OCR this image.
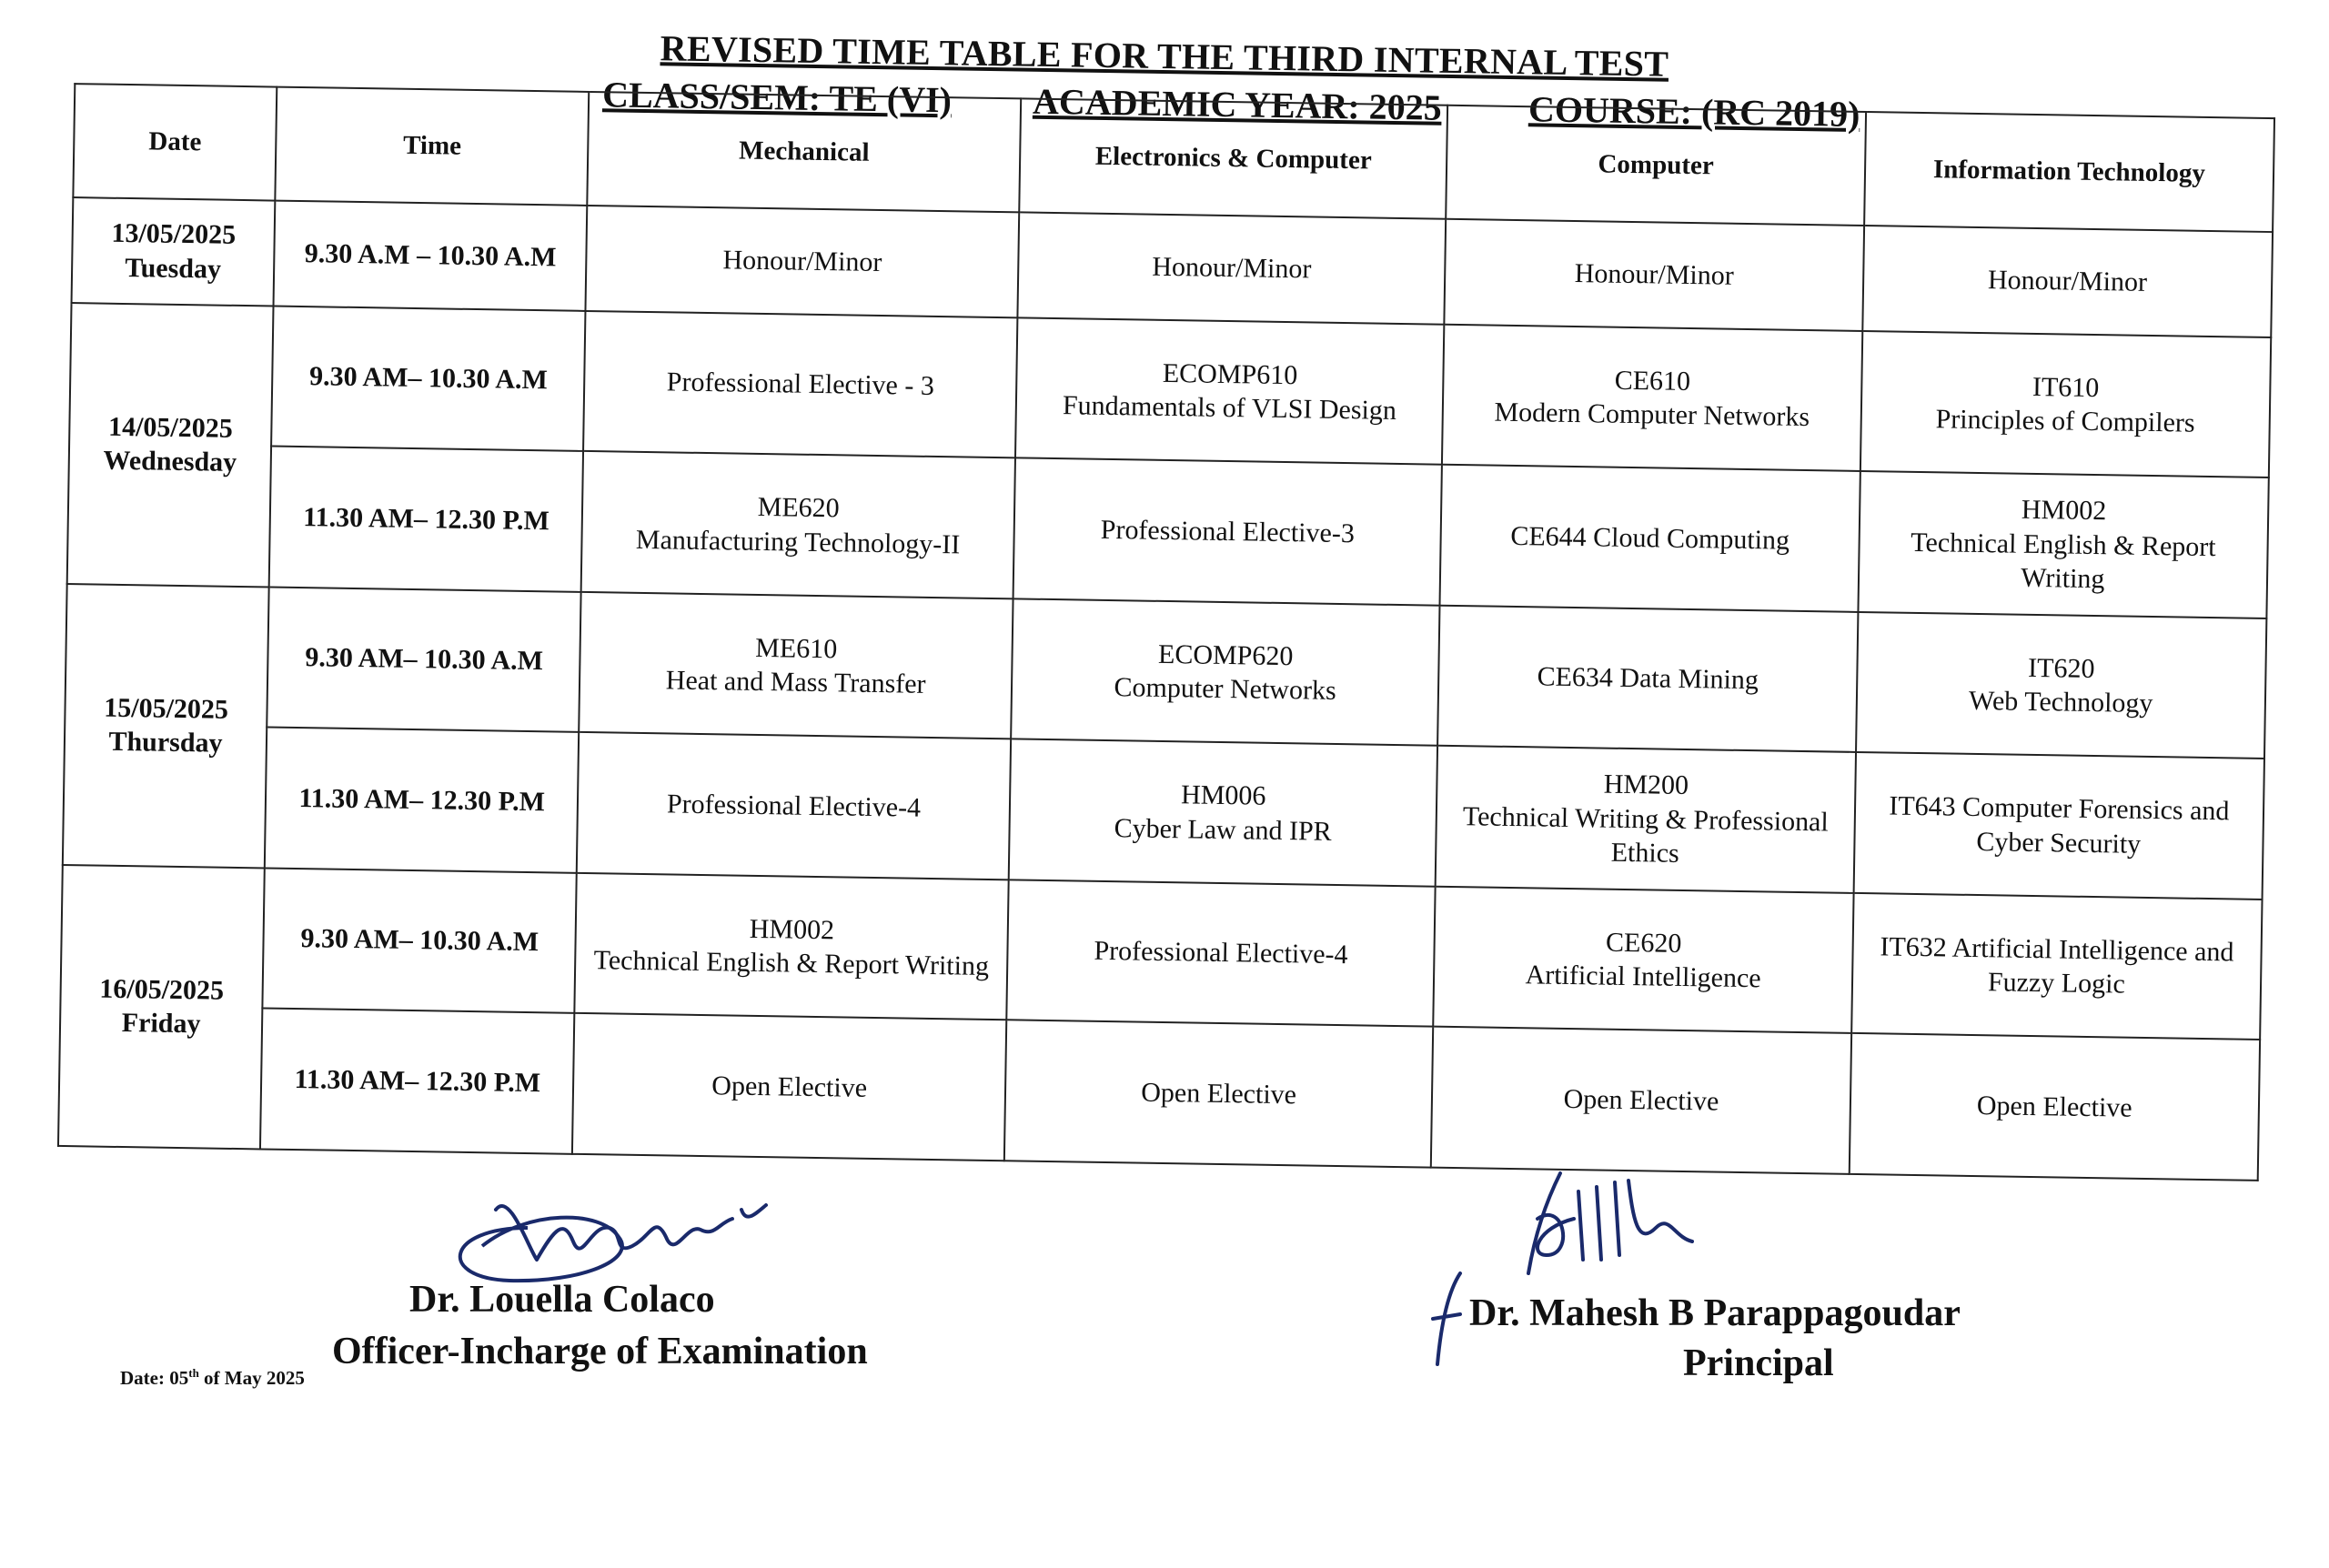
REVISED TIME TABLE FOR THE THIRD INTERNAL TEST
CLASS/SEM: TE (VI) ACADEMIC YEAR: 2025 COURSE: (RC 2019)
Date	Time	Mechanical	Electronics & Computer	Computer	Information Technology

13/05/2025
Tuesday	9.30 A.M – 10.30 A.M	Honour/Minor	Honour/Minor	Honour/Minor	Honour/Minor

14/05/2025
Wednesday	9.30 AM– 10.30 A.M	Professional Elective - 3	ECOMP610
Fundamentals of VLSI Design	CE610
Modern Computer Networks	IT610
Principles of Compilers

	11.30 AM– 12.30 P.M	ME620
Manufacturing Technology-II	Professional Elective-3	CE644 Cloud Computing	HM002
Technical English & Report Writing

15/05/2025
Thursday	9.30 AM– 10.30 A.M	ME610
Heat and Mass Transfer	ECOMP620
Computer Networks	CE634 Data Mining	IT620
Web Technology

	11.30 AM– 12.30 P.M	Professional Elective-4	HM006
Cyber Law and IPR	HM200
Technical Writing & Professional Ethics	IT643 Computer Forensics and Cyber Security

16/05/2025
Friday	9.30 AM– 10.30 A.M	HM002
Technical English & Report Writing	Professional Elective-4	CE620
Artificial Intelligence	IT632 Artificial Intelligence and Fuzzy Logic

	11.30 AM– 12.30 P.M	Open Elective	Open Elective	Open Elective	Open Elective
Dr. Louella Colaco
Officer-Incharge of Examination
Dr. Mahesh B Parappagoudar
Principal
Date: 05th of May 2025
